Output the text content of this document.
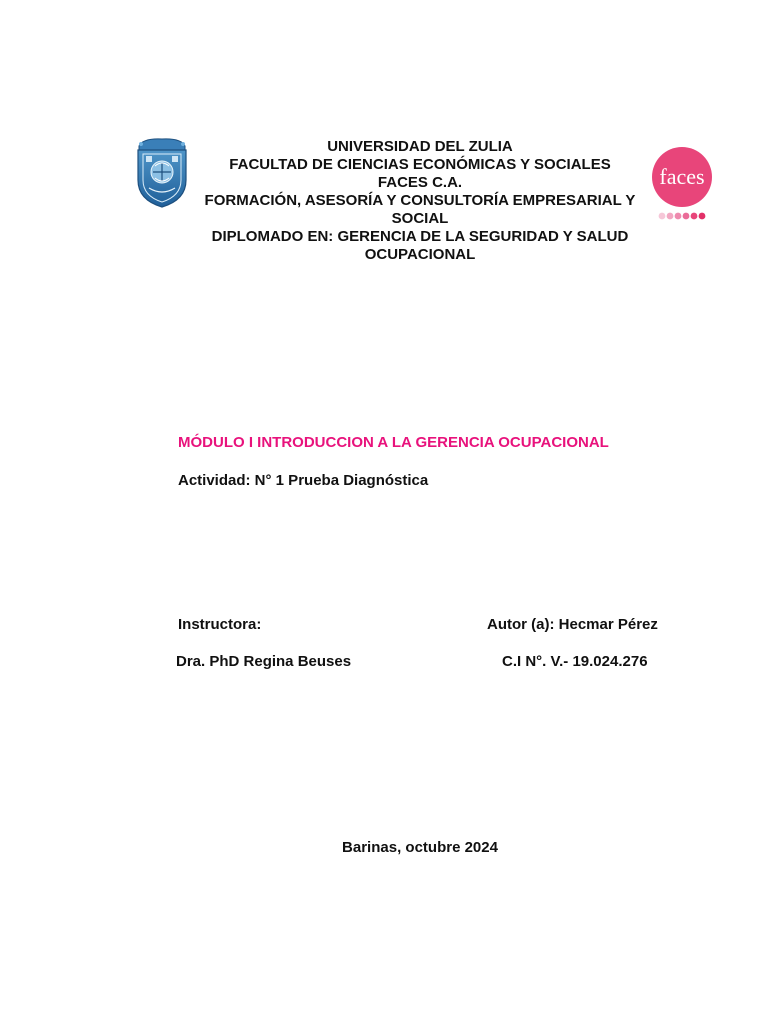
UNIVERSIDAD DEL ZULIA
FACULTAD DE CIENCIAS ECONÓMICAS Y SOCIALES
FACES C.A.
FORMACIÓN, ASESORÍA Y CONSULTORÍA EMPRESARIAL Y
SOCIAL
DIPLOMADO EN: GERENCIA DE LA SEGURIDAD Y SALUD
OCUPACIONAL
faces
MÓDULO I INTRODUCCION A LA GERENCIA OCUPACIONAL
Actividad: N° 1 Prueba Diagnóstica
Instructora:
Dra. PhD Regina Beuses
Autor (a): Hecmar Pérez
C.I N°. V.- 19.024.276
Barinas, octubre 2024
